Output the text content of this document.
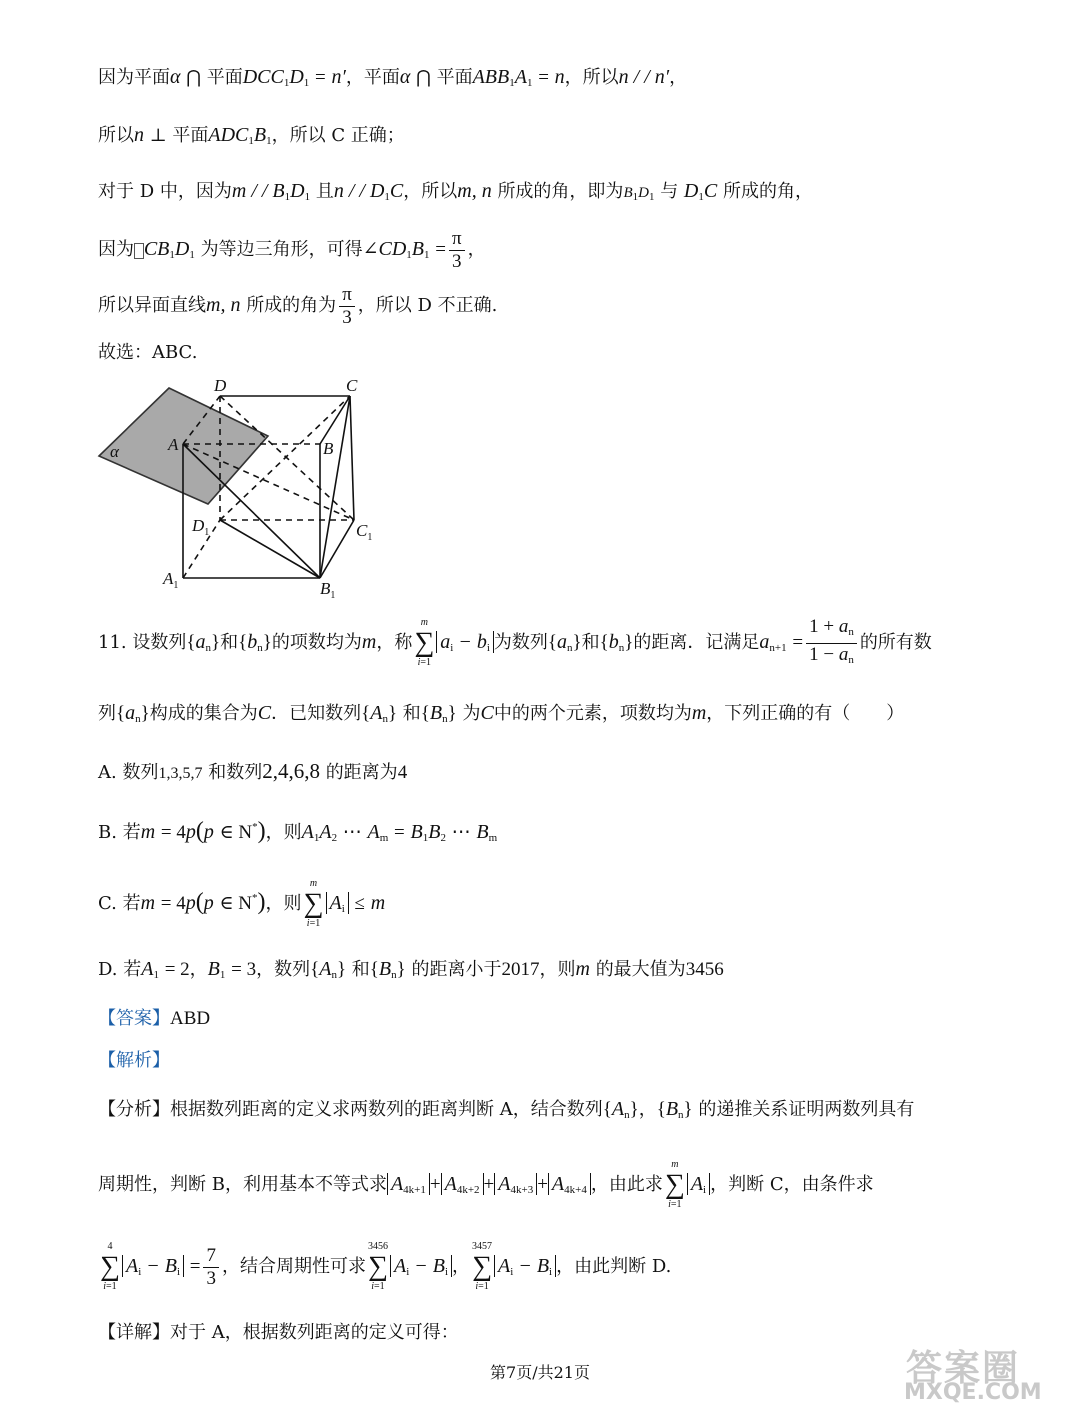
因为平面α ⋂ 平面$DCC_1D_1 = n'$，平面α ⋂ 平面$ABB_1A_1 = n$，所以n / / n′，
所以n ⊥ 平面$ADC_1B_1$，所以 C 正确；
对于 D 中，因为m / / $B_1D_1$ 且n / / $D_1C$，所以m, n 所成的角，即为$B_1D_1$ 与 $D_1C$ 所成的角，
因为 $CB_1D_1$ 为等边三角形，可得$\angle CD_1B_1 = \frac{\pi}{3}$ ，
所以异面直线m, n 所成的角为 $\frac{\pi}{3}$ ，所以 D 不正确.
故选：ABC.
D	C
A	B
$D_1$	$C_1$
$A_1$	$B_1$
α
11. 设数列$\{a_n\}$和$\{b_n\}$的项数均为m，称
m
∑
i=1
$a_i - b_i$ 为数列$\{a_n\}$和$\{b_n\}$的距离．记满足$a_{n+1} = \frac{1 + a_n}{1 - a_n}$ 的所有数
列$\{a_n\}$构成的集合为C．已知数列$\{A_n\}$ 和$\{B_n\}$ 为C中的两个元素，项数均为m，下列正确的有（　　）
A. 数列1,3,5,7 和数列2,4,6,8 的距离为4
B. 若m = 4p(p ∈ N*)，则$A_1A_2$ ⋯ $A_m = B_1B_2$ ⋯ $B_m$
C. 若m = 4p(p ∈ N*)，则
m
∑
i=1
$A_i \le m$
D. 若$A_1 = 2$，$B_1 = 3$，数列$\{A_n\}$ 和$\{B_n\}$ 的距离小于2017，则m 的最大值为3456
【答案】ABD
【解析】
【分析】根据数列距离的定义求两数列的距离判断 A，结合数列$\{A_n\}$，$\{B_n\}$ 的递推关系证明两数列具有
周期性，判断 B，利用基本不等式求 $A_{4k+1} + A_{4k+2} + A_{4k+3} + A_{4k+4}$ ，由此求
m
∑
i=1
$A_i$ ，判断 C，由条件求
4
∑
i=1
$A_i - B_i = \frac{7}{3}$ ，结合周期性可求
3456
∑
i=1
$A_i - B_i$ ，
3457
∑
i=1
$A_i - B_i$ ，由此判断 D.
【详解】对于 A，根据数列距离的定义可得：
第7页/共21页	答案圈
MXQE.COM
